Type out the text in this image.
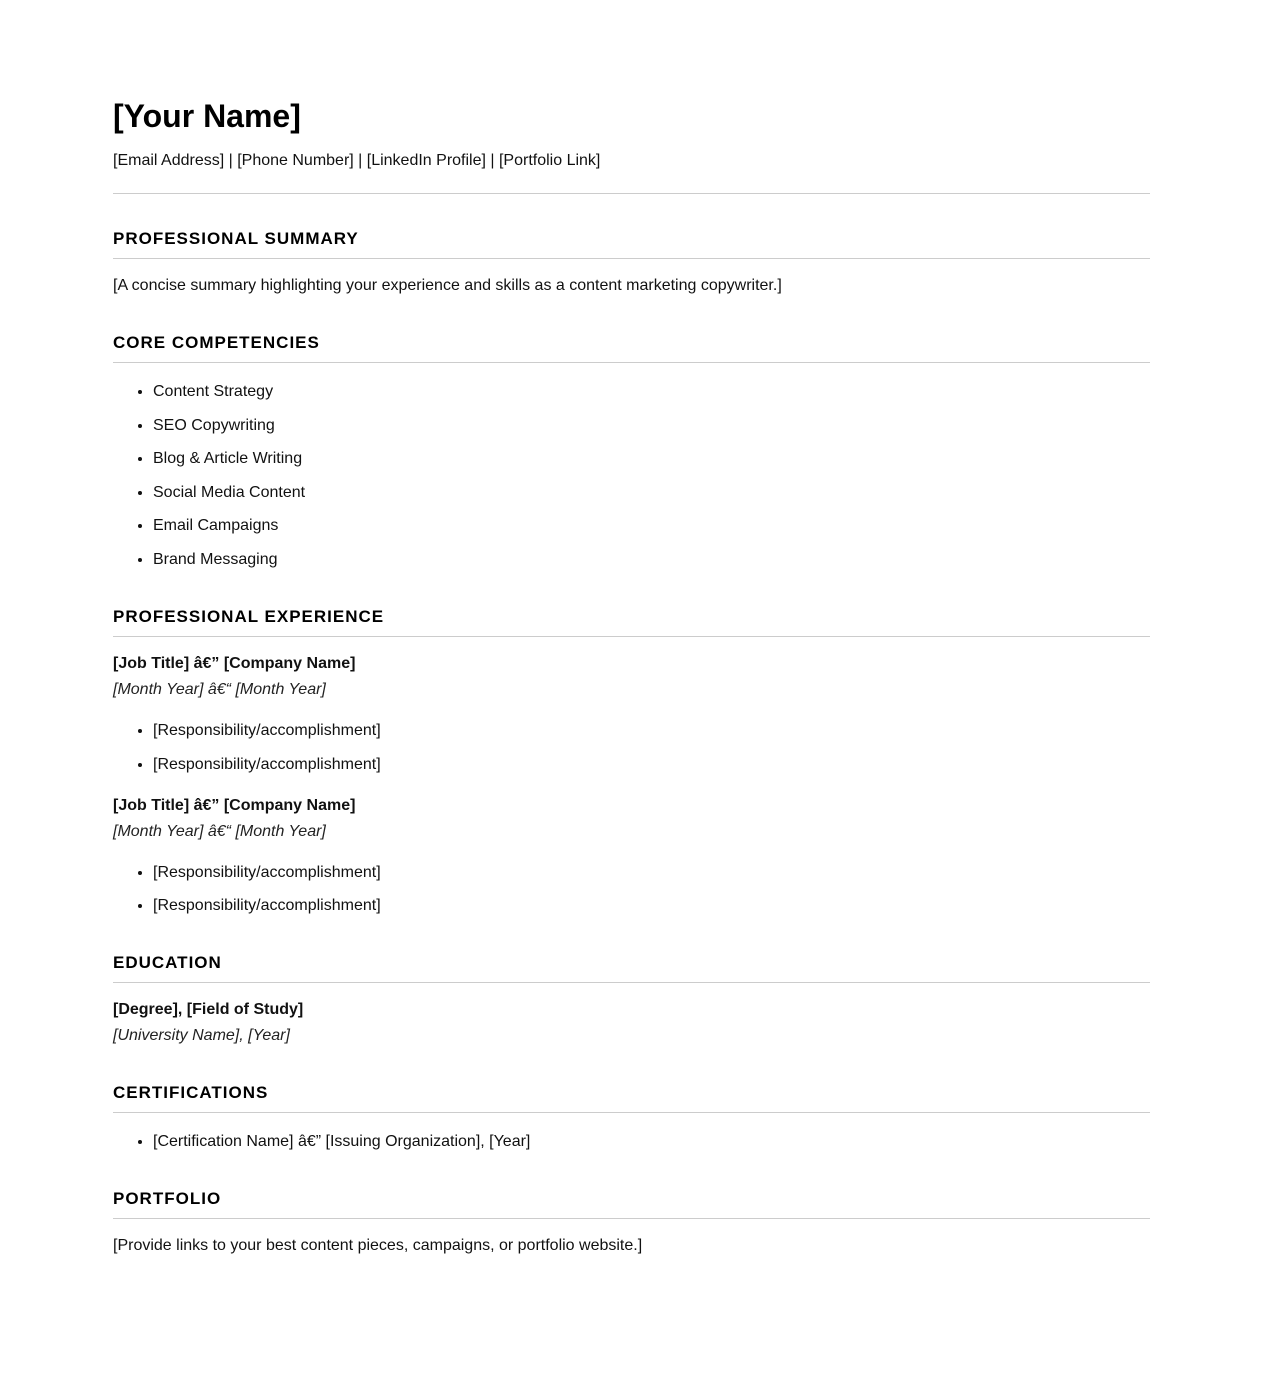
[Your Name]
[Email Address] | [Phone Number] | [LinkedIn Profile] | [Portfolio Link]
PROFESSIONAL SUMMARY

[A concise summary highlighting your experience and skills as a content marketing copywriter.]

CORE COMPETENCIES
• Content Strategy
• SEO Copywriting
• Blog & Article Writing
• Social Media Content
• Email Campaigns
• Brand Messaging
PROFESSIONAL EXPERIENCE
[Job Title] â€” [Company Name]
[Month Year] â€“ [Month Year]
• [Responsibility/accomplishment]
• [Responsibility/accomplishment]
[Job Title] â€” [Company Name]
[Month Year] â€“ [Month Year]
• [Responsibility/accomplishment]
• [Responsibility/accomplishment]
EDUCATION
[Degree], [Field of Study]
[University Name], [Year]
CERTIFICATIONS
• [Certification Name] â€” [Issuing Organization], [Year]
PORTFOLIO

[Provide links to your best content pieces, campaigns, or portfolio website.]
